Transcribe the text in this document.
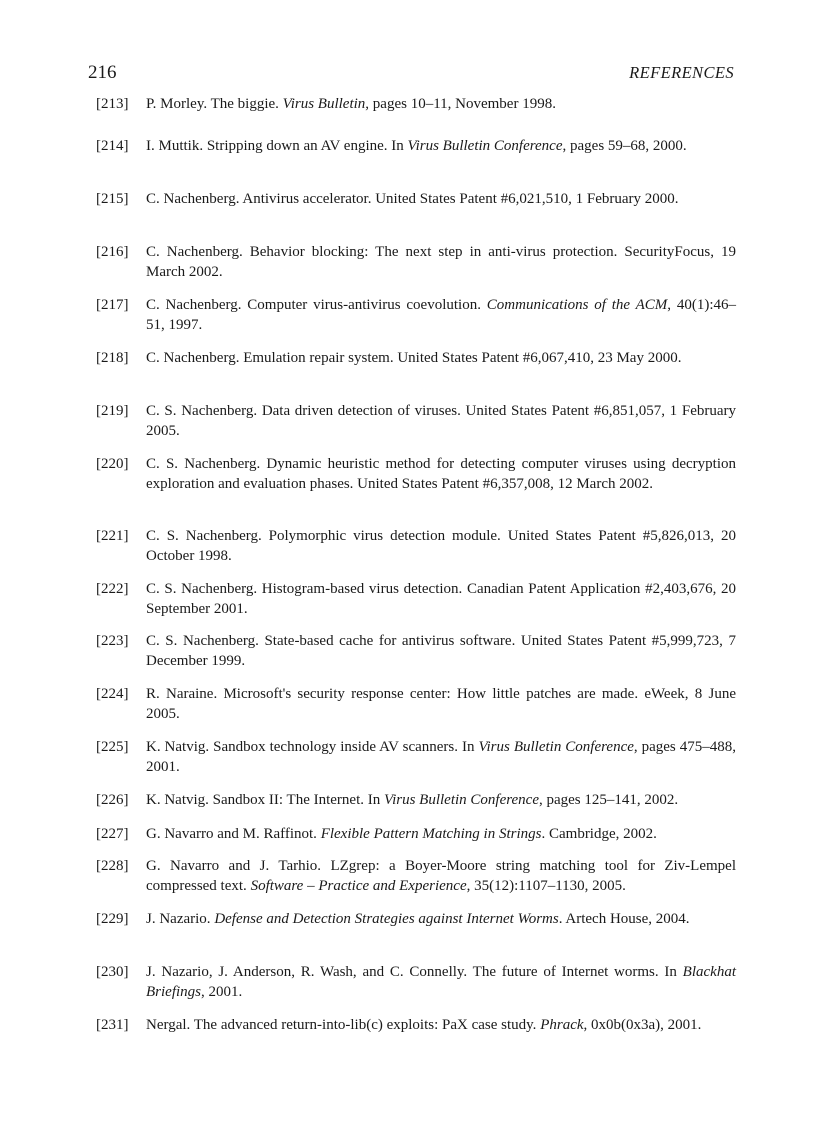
216	REFERENCES
[213] P. Morley. The biggie. Virus Bulletin, pages 10–11, November 1998.
[214] I. Muttik. Stripping down an AV engine. In Virus Bulletin Conference, pages 59–68, 2000.
[215] C. Nachenberg. Antivirus accelerator. United States Patent #6,021,510, 1 February 2000.
[216] C. Nachenberg. Behavior blocking: The next step in anti-virus protection. SecurityFocus, 19 March 2002.
[217] C. Nachenberg. Computer virus-antivirus coevolution. Communications of the ACM, 40(1):46–51, 1997.
[218] C. Nachenberg. Emulation repair system. United States Patent #6,067,410, 23 May 2000.
[219] C. S. Nachenberg. Data driven detection of viruses. United States Patent #6,851,057, 1 February 2005.
[220] C. S. Nachenberg. Dynamic heuristic method for detecting computer viruses using decryption exploration and evaluation phases. United States Patent #6,357,008, 12 March 2002.
[221] C. S. Nachenberg. Polymorphic virus detection module. United States Patent #5,826,013, 20 October 1998.
[222] C. S. Nachenberg. Histogram-based virus detection. Canadian Patent Application #2,403,676, 20 September 2001.
[223] C. S. Nachenberg. State-based cache for antivirus software. United States Patent #5,999,723, 7 December 1999.
[224] R. Naraine. Microsoft's security response center: How little patches are made. eWeek, 8 June 2005.
[225] K. Natvig. Sandbox technology inside AV scanners. In Virus Bulletin Conference, pages 475–488, 2001.
[226] K. Natvig. Sandbox II: The Internet. In Virus Bulletin Conference, pages 125–141, 2002.
[227] G. Navarro and M. Raffinot. Flexible Pattern Matching in Strings. Cambridge, 2002.
[228] G. Navarro and J. Tarhio. LZgrep: a Boyer-Moore string matching tool for Ziv-Lempel compressed text. Software – Practice and Experience, 35(12):1107–1130, 2005.
[229] J. Nazario. Defense and Detection Strategies against Internet Worms. Artech House, 2004.
[230] J. Nazario, J. Anderson, R. Wash, and C. Connelly. The future of Internet worms. In Blackhat Briefings, 2001.
[231] Nergal. The advanced return-into-lib(c) exploits: PaX case study. Phrack, 0x0b(0x3a), 2001.
